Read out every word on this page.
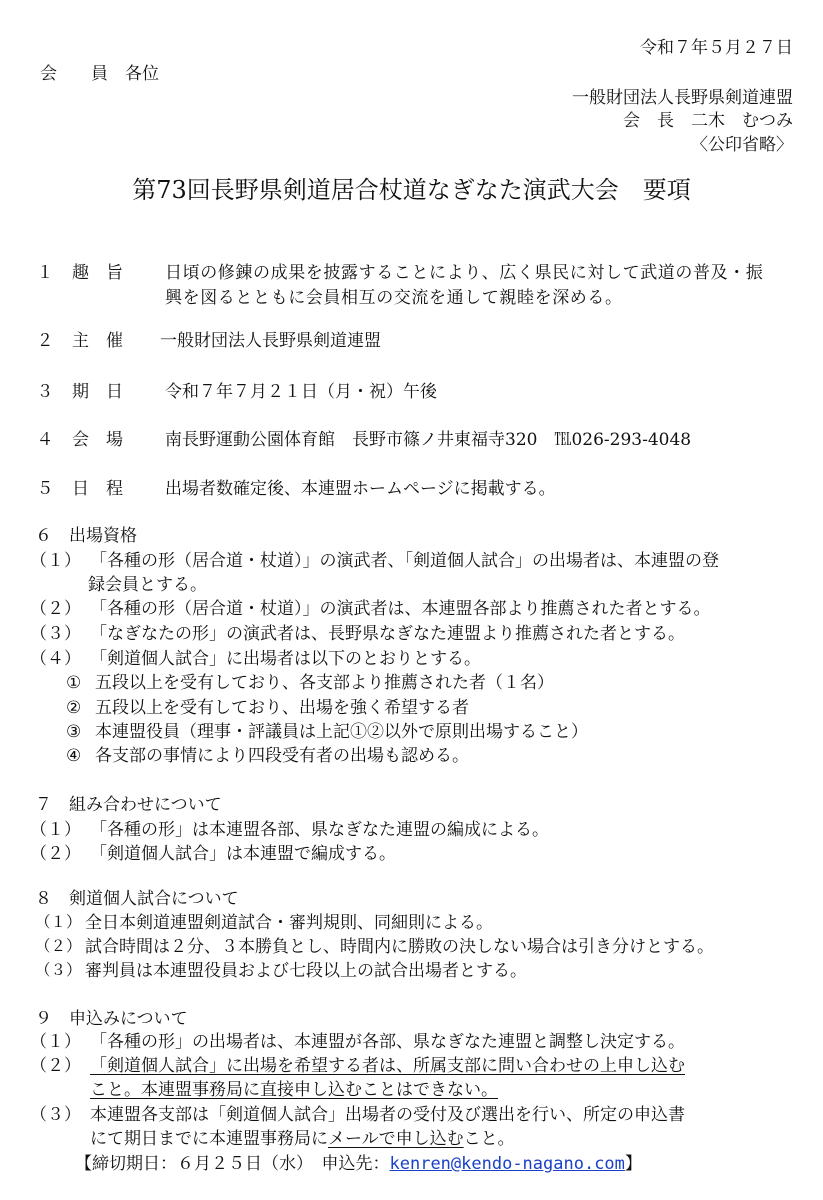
令和７年５月２７日
会　　員　各位
一般財団法人長野県剣道連盟
会　長　二木　むつみ
〈公印省略〉
第73回長野県剣道居合杖道なぎなた演武大会　要項
１ 趣　旨 日頃の修錬の成果を披露することにより、広く県民に対して武道の普及・振
興を図るとともに会員相互の交流を通して親睦を深める。
２ 主　催 一般財団法人長野県剣道連盟
３ 期　日 令和７年７月２１日（月・祝）午後
４ 会　場 南長野運動公園体育館　長野市篠ノ井東福寺320　℡026-293-4048
５ 日　程 出場者数確定後、本連盟ホームページに掲載する。
６　出場資格
（１） 「各種の形（居合道・杖道）」の演武者、「剣道個人試合」の出場者は、本連盟の登
録会員とする。
（２） 「各種の形（居合道・杖道）」の演武者は、本連盟各部より推薦された者とする。
（３） 「なぎなたの形」の演武者は、長野県なぎなた連盟より推薦された者とする。
（４） 「剣道個人試合」に出場者は以下のとおりとする。
① 五段以上を受有しており、各支部より推薦された者（１名）
② 五段以上を受有しており、出場を強く希望する者
③ 本連盟役員（理事・評議員は上記①②以外で原則出場すること）
④ 各支部の事情により四段受有者の出場も認める。
７　組み合わせについて
（１） 「各種の形」は本連盟各部、県なぎなた連盟の編成による。
（２） 「剣道個人試合」は本連盟で編成する。
８　剣道個人試合について
（１） 全日本剣道連盟剣道試合・審判規則、同細則による。
（２） 試合時間は２分、３本勝負とし、時間内に勝敗の決しない場合は引き分けとする。
（３） 審判員は本連盟役員および七段以上の試合出場者とする。
９　申込みについて
（１） 「各種の形」の出場者は、本連盟が各部、県なぎなた連盟と調整し決定する。
（２） 「剣道個人試合」に出場を希望する者は、所属支部に問い合わせの上申し込む
こと。本連盟事務局に直接申し込むことはできない。
（３） 本連盟各支部は「剣道個人試合」出場者の受付及び選出を行い、所定の申込書
にて期日までに本連盟事務局にメールで申し込むこと。
【締切期日：６月２５日（水）　申込先：kenren@kendo-nagano.com】
